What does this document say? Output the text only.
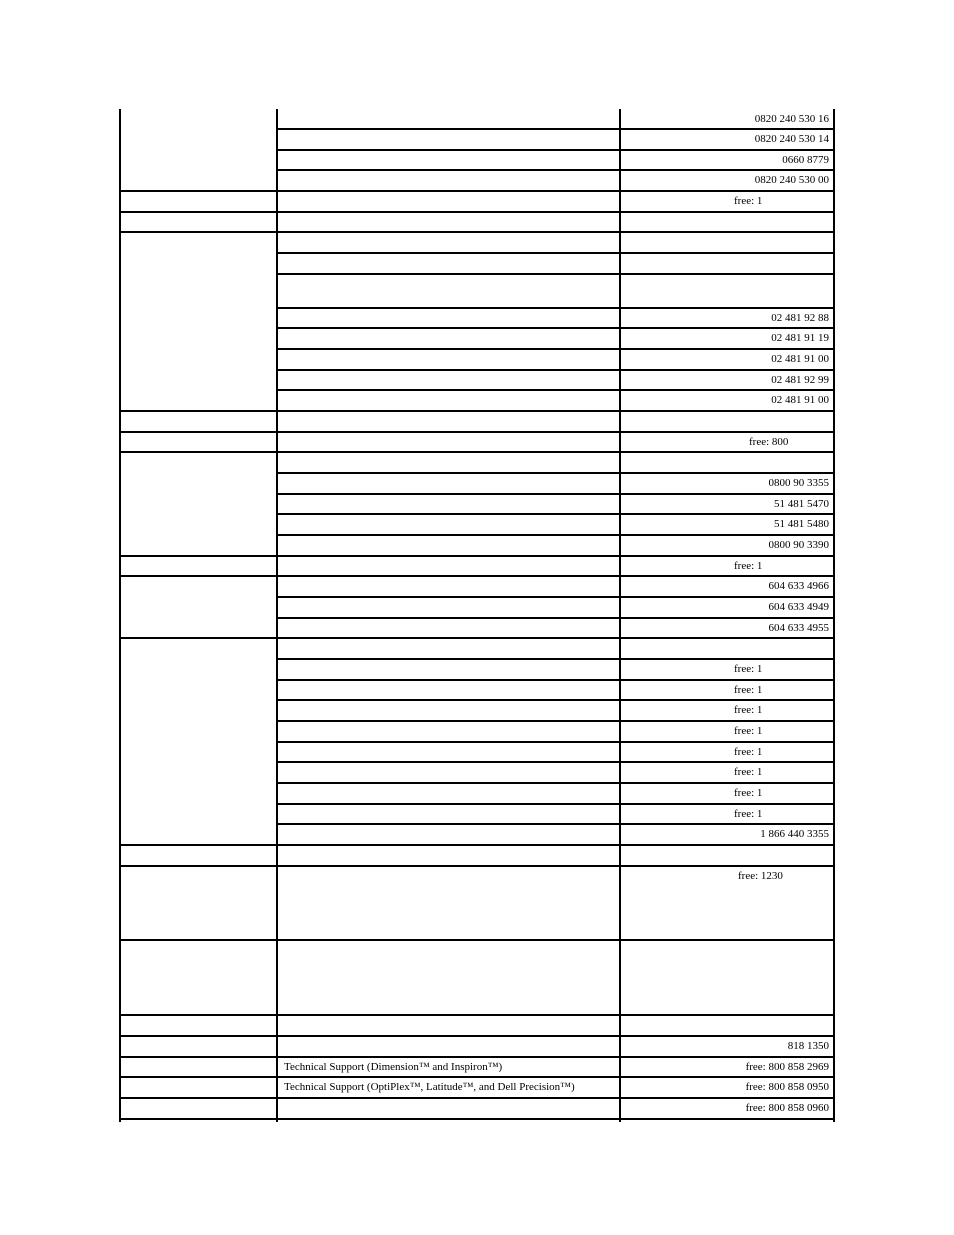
0820 240 530 16
0820 240 530 14
0660 8779
0820 240 530 00
free: 1
02 481 92 88
02 481 91 19
02 481 91 00
02 481 92 99
02 481 91 00
free: 800
0800 90 3355
51 481 5470
51 481 5480
0800 90 3390
free: 1
604 633 4966
604 633 4949
604 633 4955
free: 1
free: 1
free: 1
free: 1
free: 1
free: 1
free: 1
free: 1
1 866 440 3355
free: 1230
818 1350
Technical Support (Dimension™ and Inspiron™)	free: 800 858 2969
Technical Support (OptiPlex™, Latitude™, and Dell Precision™)	free: 800 858 0950
free: 800 858 0960
